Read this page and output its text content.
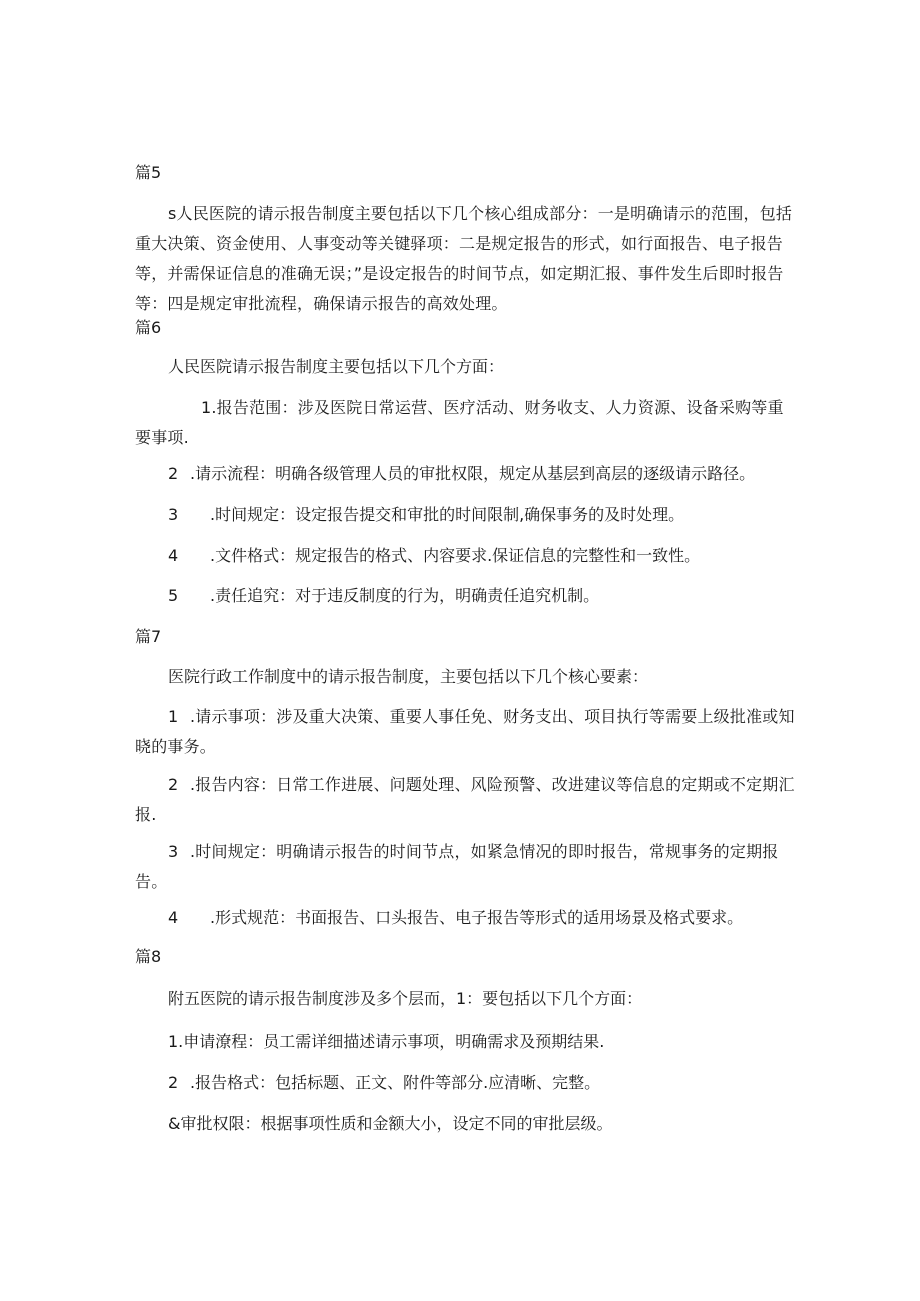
篇5
s人民医院的请示报告制度主要包括以下几个核心组成部分：一是明确请示的范围，包括重大决策、资金使用、人事变动等关键驿项：二是规定报告的形式，如行面报告、电子报告等，并需保证信息的准确无误；”是设定报告的时间节点，如定期汇报、事件发生后即时报告等：四是规定审批流程，确保请示报告的高效处理。
篇6
人民医院请示报告制度主要包括以下几个方面：
1.报告范围：涉及医院日常运营、医疗活动、财务收支、人力资源、设备采购等重要事项.
2 .请示流程：明确各级管理人员的审批权限，规定从基层到高层的逐级请示路径。
3 .时间规定：设定报告提交和审批的时间限制,确保事务的及时处理。
4 .文件格式：规定报告的格式、内容要求.保证信息的完整性和一致性。
5 .责任追究：对于违反制度的行为，明确责任追究机制。
篇7
医院行政工作制度中的请示报告制度，主要包括以下几个核心要素：
1 .请示事项：涉及重大决策、重要人事任免、财务支出、项目执行等需要上级批准或知晓的事务。
2 .报告内容：日常工作进展、问题处理、风险预警、改进建议等信息的定期或不定期汇报.
3 .时间规定：明确请示报告的时间节点，如紧急情况的即时报告，常规事务的定期报告。
4 .形式规范：书面报告、口头报告、电子报告等形式的适用场景及格式要求。
篇8
附五医院的请示报告制度涉及多个层而，1：要包括以下几个方面：
1.申请潦程：员工需详细描述请示事项，明确需求及预期结果.
2 .报告格式：包括标题、正文、附件等部分.应清晰、完整。
&审批权限：根据事项性质和金额大小，设定不同的审批层级。
